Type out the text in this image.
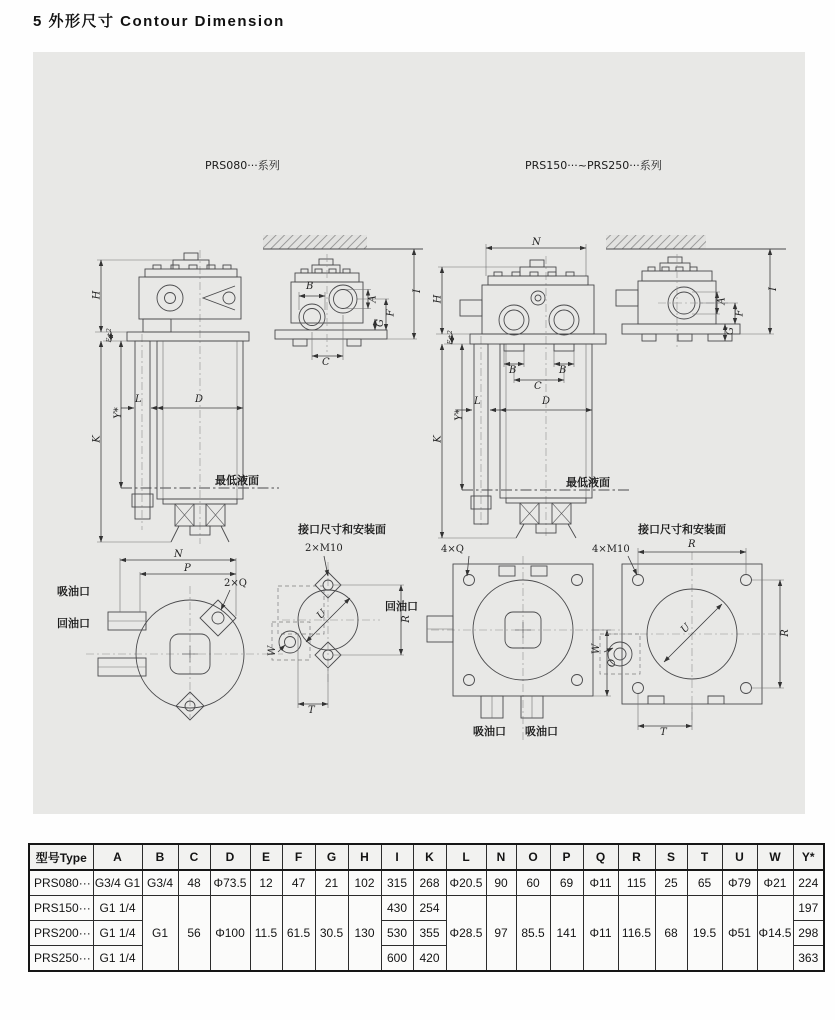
5 外形尺寸 Contour Dimension
PRS080···系列	PRS150···~PRS250···系列
H
E±2
Y*
K
L	D
最低液面
B
C
A
F
G
I
N
P
2×Q
吸油口
回油口
接口尺寸和安装面
2×M10
U	R
T
W
N
B	B
C
H
E±2
Y*
K
L	D
最低液面
A
F
G
I
4×Q
O
吸油口 吸油口
回油口
接口尺寸和安装面
4×M10	R
R
U
T
W
型号Type	A	B	C	D	E	F	G	H	I	K	L	N	O	P	Q	R	S	T	U	W	Y*
PRS080···	G3/4 G1	G3/4	48	Φ73.5	12	47	21	102	315	268	Φ20.5	90	60	69	Φ11	115	25	65	Φ79	Φ21	224
PRS150···	G1 1/4	G1	56	Φ100	11.5	61.5	30.5	130	430	254	Φ28.5	97	85.5	141	Φ11	116.5	68	19.5	Φ51	Φ14.5	197
PRS200···	G1 1/4								530	355											298
PRS250···	G1 1/4								600	420											363
